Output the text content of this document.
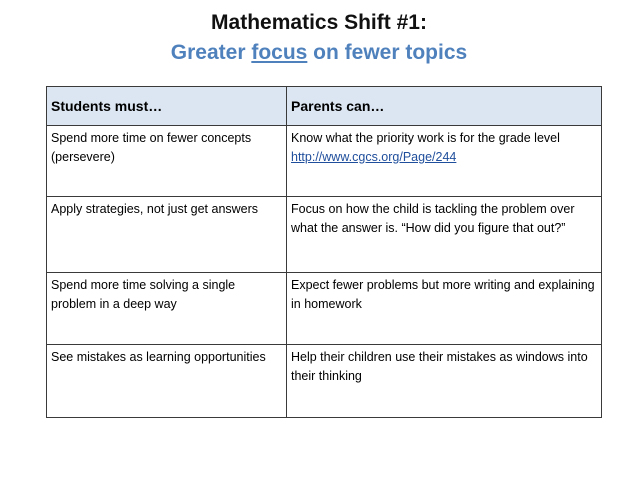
Mathematics Shift #1:
Greater focus on fewer topics
Students must…	Parents can…
Spend more time on fewer concepts (persevere)	Know what the priority work is for the grade level http://www.cgcs.org/Page/244
Apply strategies, not just get answers	Focus on how the child is tackling the problem over what the answer is. “How did you figure that out?”
Spend more time solving a single problem in a deep way	Expect fewer problems but more writing and explaining in homework
See mistakes as learning opportunities	Help their children use their mistakes as windows into their thinking
